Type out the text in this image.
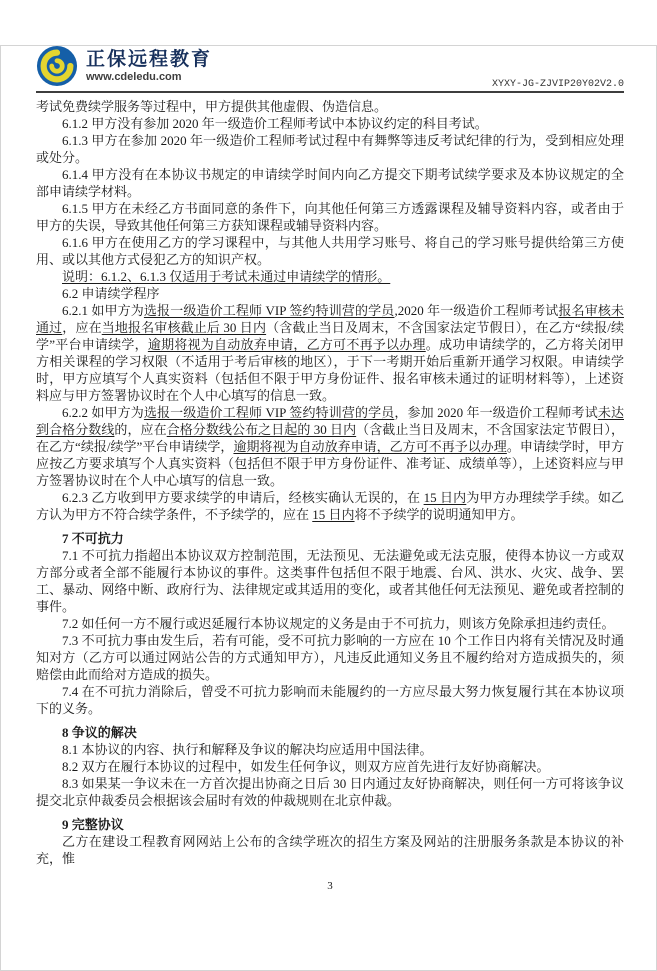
正保远程教育
www.cdeledu.com
XYXY-JG-ZJVIP20Y02V2.0

考试免费续学服务等过程中，甲方提供其他虚假、伪造信息。

6.1.2 甲方没有参加 2020 年一级造价工程师考试中本协议约定的科目考试。

6.1.3 甲方在参加 2020 年一级造价工程师考试过程中有舞弊等违反考试纪律的行为，受到相应处理或处分。

6.1.4 甲方没有在本协议书规定的申请续学时间内向乙方提交下期考试续学要求及本协议规定的全部申请续学材料。

6.1.5 甲方在未经乙方书面同意的条件下，向其他任何第三方透露课程及辅导资料内容，或者由于甲方的失误，导致其他任何第三方获知课程或辅导资料内容。

6.1.6 甲方在使用乙方的学习课程中，与其他人共用学习账号、将自己的学习账号提供给第三方使用、或以其他方式侵犯乙方的知识产权。

说明：6.1.2、6.1.3 仅适用于考试未通过申请续学的情形。

6.2 申请续学程序

6.2.1 如甲方为选报一级造价工程师 VIP 签约特训营的学员,2020 年一级造价工程师考试报名审核未通过，应在当地报名审核截止后 30 日内（含截止当日及周末，不含国家法定节假日），在乙方“续报/续学”平台申请续学，逾期将视为自动放弃申请，乙方可不再予以办理。成功申请续学的，乙方将关闭甲方相关课程的学习权限（不适用于考后审核的地区），于下一考期开始后重新开通学习权限。申请续学时，甲方应填写个人真实资料（包括但不限于甲方身份证件、报名审核未通过的证明材料等），上述资料应与甲方签署协议时在个人中心填写的信息一致。

6.2.2 如甲方为选报一级造价工程师 VIP 签约特训营的学员，参加 2020 年一级造价工程师考试未达到合格分数线的，应在合格分数线公布之日起的 30 日内（含截止当日及周末，不含国家法定节假日），在乙方“续报/续学”平台申请续学，逾期将视为自动放弃申请，乙方可不再予以办理。申请续学时，甲方应按乙方要求填写个人真实资料（包括但不限于甲方身份证件、准考证、成绩单等），上述资料应与甲方签署协议时在个人中心填写的信息一致。

6.2.3 乙方收到甲方要求续学的申请后，经核实确认无误的，在 15 日内为甲方办理续学手续。如乙方认为甲方不符合续学条件，不予续学的，应在 15 日内将不予续学的说明通知甲方。

7 不可抗力

7.1 不可抗力指超出本协议双方控制范围，无法预见、无法避免或无法克服，使得本协议一方或双方部分或者全部不能履行本协议的事件。这类事件包括但不限于地震、台风、洪水、火灾、战争、罢工、暴动、网络中断、政府行为、法律规定或其适用的变化，或者其他任何无法预见、避免或者控制的事件。

7.2 如任何一方不履行或迟延履行本协议规定的义务是由于不可抗力，则该方免除承担违约责任。

7.3 不可抗力事由发生后，若有可能，受不可抗力影响的一方应在 10 个工作日内将有关情况及时通知对方（乙方可以通过网站公告的方式通知甲方），凡违反此通知义务且不履约给对方造成损失的，须赔偿由此而给对方造成的损失。

7.4 在不可抗力消除后，曾受不可抗力影响而未能履约的一方应尽最大努力恢复履行其在本协议项下的义务。

8 争议的解决

8.1 本协议的内容、执行和解释及争议的解决均应适用中国法律。

8.2 双方在履行本协议的过程中，如发生任何争议，则双方应首先进行友好协商解决。

8.3 如果某一争议未在一方首次提出协商之日后 30 日内通过友好协商解决，则任何一方可将该争议提交北京仲裁委员会根据该会届时有效的仲裁规则在北京仲裁。

9 完整协议

乙方在建设工程教育网网站上公布的含续学班次的招生方案及网站的注册服务条款是本协议的补充，惟

3
